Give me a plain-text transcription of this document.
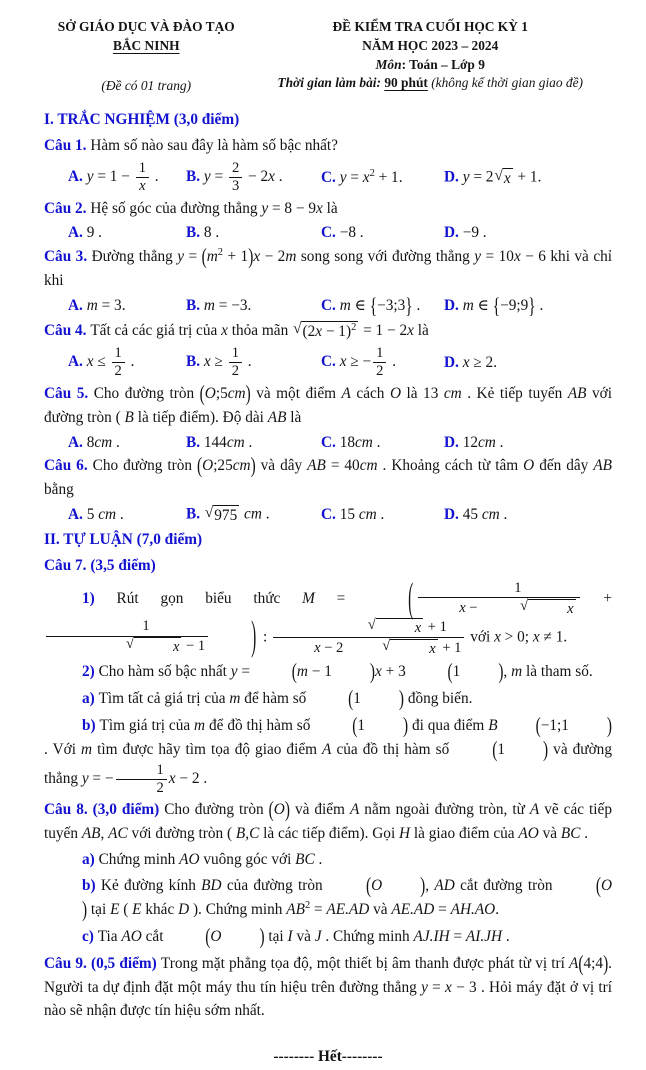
SỞ GIÁO DỤC VÀ ĐÀO TẠO
BẮC NINH
(Đề có 01 trang)
ĐỀ KIỂM TRA CUỐI HỌC KỲ 1
NĂM HỌC 2023 – 2024
Môn: Toán – Lớp 9
Thời gian làm bài: 90 phút (không kể thời gian giao đề)

I. TRẮC NGHIỆM (3,0 điểm)

Câu 1. Hàm số nào sau đây là hàm số bậc nhất?

A. $y = 1 - \frac{1}{x}$ .	B. $y = \frac{2}{3} - 2x$ .	C. $y = x^2 + 1$.	D. y = 2 √ x + 1.

Câu 2. Hệ số góc của đường thẳng y = 8 − 9x là

A. 9 .	B. 8 .	C. −8 .	D. −9 .

Câu 3. Đường thẳng $y = (m^2 + 1)x - 2m$ song song với đường thẳng y = 10x − 6 khi và chỉ khi

A. m = 3.	B. m = −3.	C. m ∈ {−3;3} .	D. m ∈ {−9;9} .

Câu 4. Tất cả các giá trị của x thỏa mãn √ $(2x - 1)^2 = 1 - 2x$ là

A. $x \le \frac{1}{2}$ .	B. $x \ge \frac{1}{2}$ .	C. x ≥ − $\frac{1}{2}$ .	D. x ≥ 2.

Câu 5. Cho đường tròn (O;5cm) và một điểm A cách O là 13 cm . Kẻ tiếp tuyến AB với đường tròn ( B là tiếp điểm). Độ dài AB là

A. 8cm .	B. 144cm .	C. 18cm .	D. 12cm .

Câu 6. Cho đường tròn (O;25cm) và dây AB = 40cm . Khoảng cách từ tâm O đến dây AB bằng

A. 5 cm .	B. √ 975 cm .	C. 15 cm .	D. 45 cm .

II. TỰ LUẬN (7,0 điểm)

Câu 7. (3,5 điểm)

1) Rút gọn biểu thức M =	( 1
x −	√	x +
1
√	x − 1	) : √	x + 1
x − 2	√	x + 1 với x > 0; x ≠ 1.

2) Cho hàm số bậc nhất y = (m − 1 )x + 3 (1 ), m là tham số.

a) Tìm tất cả giá trị của m để hàm số (1 ) đồng biến.

b) Tìm giá trị của m để đồ thị hàm số (1 ) đi qua điểm B (−1;1 ). Với m tìm được hãy tìm tọa độ giao điểm A của đồ thị hàm số (1 ) và đường thẳng y = − $\frac{1}{2}$ x − 2 .

Câu 8. (3,0 điểm) Cho đường tròn (O) và điểm A nằm ngoài đường tròn, từ A vẽ các tiếp tuyến AB, AC với đường tròn ( B,C là các tiếp điểm). Gọi H là giao điểm của AO và BC .

a) Chứng minh AO vuông góc với BC .

b) Kẻ đường kính BD của đường tròn (O ), AD cắt đường tròn (O) tại E ( E khác D ). Chứng minh $AB^2 = AE.AD$ và AE.AD = AH.AO.

c) Tia AO cắt (O ) tại I và J . Chứng minh AJ.IH = AI.JH .

Câu 9. (0,5 điểm) Trong mặt phẳng tọa độ, một thiết bị âm thanh được phát từ vị trí A(4;4). Người ta dự định đặt một máy thu tín hiệu trên đường thẳng y = x − 3 . Hỏi máy đặt ở vị trí nào sẽ nhận được tín hiệu sớm nhất.

-------- Hết--------
